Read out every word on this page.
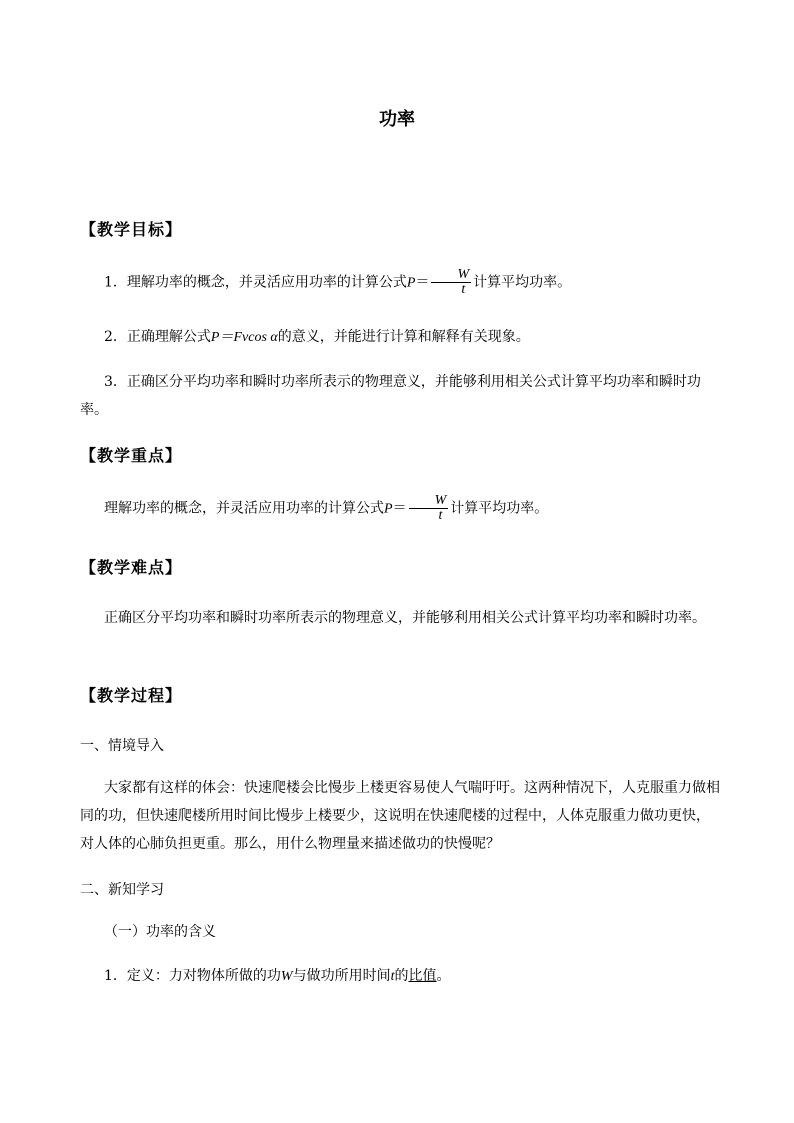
功率
【教学目标】
1．理解功率的概念，并灵活应用功率的计算公式$P= \frac{W}{t}$ 计算平均功率。
2．正确理解公式P＝Fvcos α的意义，并能进行计算和解释有关现象。
3．正确区分平均功率和瞬时功率所表示的物理意义，并能够利用相关公式计算平均功率和瞬时功率。
【教学重点】
理解功率的概念，并灵活应用功率的计算公式$P= \frac{W}{t}$ 计算平均功率。
【教学难点】
正确区分平均功率和瞬时功率所表示的物理意义，并能够利用相关公式计算平均功率和瞬时功率。
【教学过程】
一、情境导入
大家都有这样的体会：快速爬楼会比慢步上楼更容易使人气喘吁吁。这两种情况下，人克服重力做相同的功，但快速爬楼所用时间比慢步上楼要少，这说明在快速爬楼的过程中，人体克服重力做功更快，对人体的心肺负担更重。那么，用什么物理量来描述做功的快慢呢？
二、新知学习
（一）功率的含义
1．定义：力对物体所做的功W与做功所用时间t的比值。
